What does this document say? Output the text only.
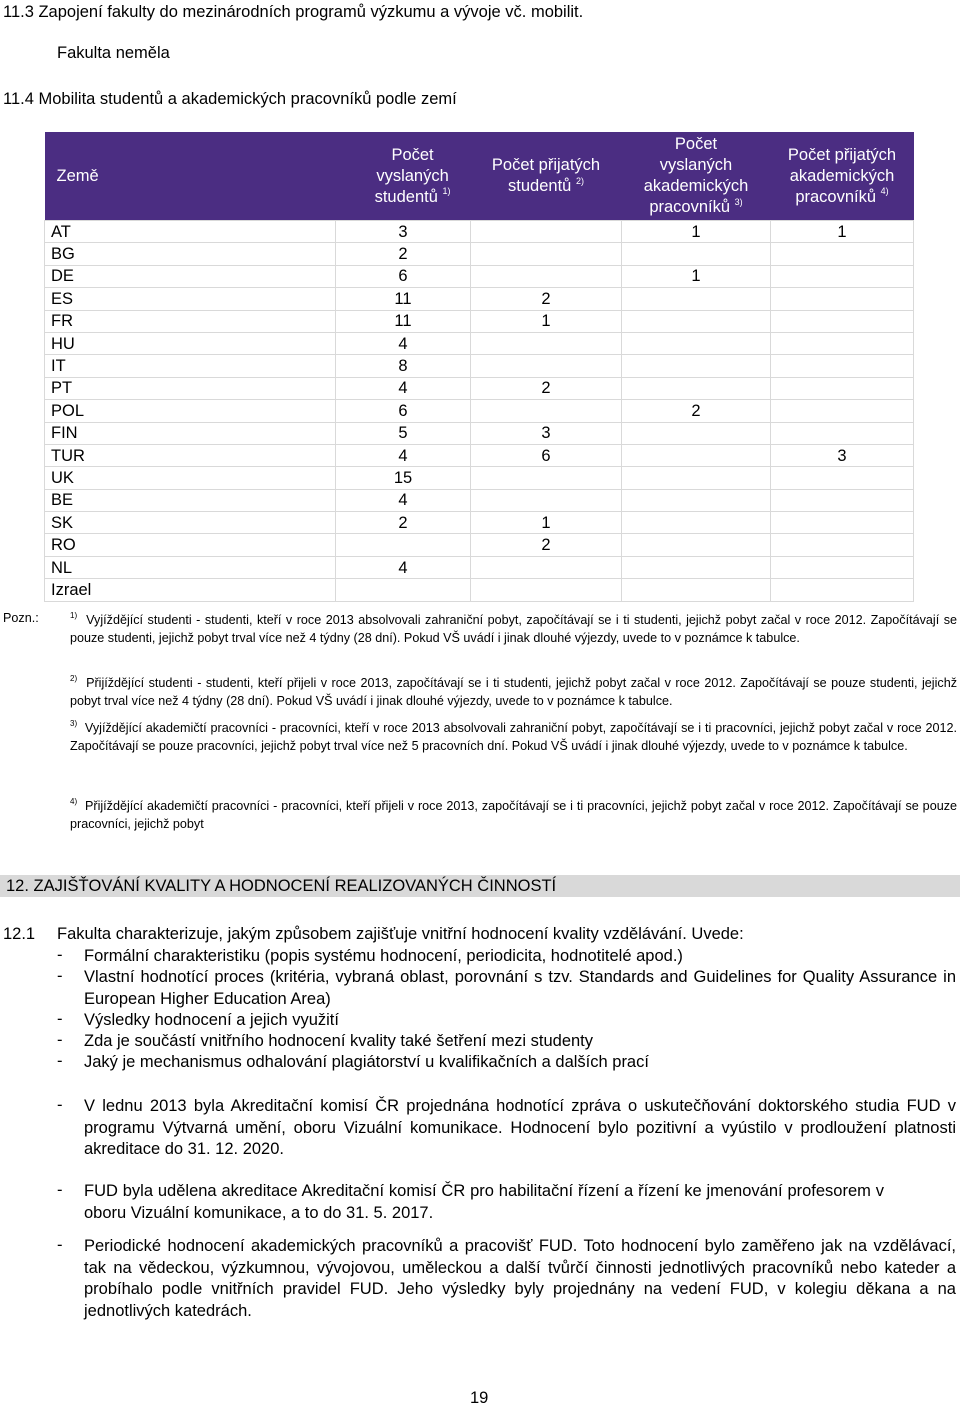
11.3 Zapojení fakulty do mezinárodních programů výzkumu a vývoje vč. mobilit.
Fakulta neměla
11.4 Mobilita studentů a akademických pracovníků podle zemí
Země	Počet
vyslaných
studentů $^{1)}$	Počet přijatých
studentů $^{2)}$	Počet
vyslaných
akademických
pracovníků $^{3)}$	Počet přijatých
akademických
pracovníků $^{4)}$
AT	3		1	1
BG	2			
DE	6		1	
ES	11	2		
FR	11	1		
HU	4			
IT	8			
PT	4	2		
POL	6		2	
FIN	5	3		
TUR	4	6		3
UK	15			
BE	4			
SK	2	1		
RO		2		
NL	4			
Izrael				
Pozn.:	$^{1)}$ Vyjíždějící studenti - studenti, kteří v roce 2013 absolvovali zahraniční pobyt, započítávají se i ti studenti, jejichž pobyt začal v roce 2012. Započítávají se pouze studenti, jejichž pobyt trval více než 4 týdny (28 dní). Pokud VŠ uvádí i jinak dlouhé výjezdy, uvede to v poznámce k tabulce.
$^{2)}$ Přijíždějící studenti - studenti, kteří přijeli v roce 2013, započítávají se i ti studenti, jejichž pobyt začal v roce 2012. Započítávají se pouze studenti, jejichž pobyt trval více než 4 týdny (28 dní). Pokud VŠ uvádí i jinak dlouhé výjezdy, uvede to v poznámce k tabulce.
$^{3)}$ Vyjíždějící akademičtí pracovníci - pracovníci, kteří v roce 2013 absolvovali zahraniční pobyt, započítávají se i ti pracovníci, jejichž pobyt začal v roce 2012. Započítávají se pouze pracovníci, jejichž pobyt trval více než 5 pracovních dní. Pokud VŠ uvádí i jinak dlouhé výjezdy, uvede to v poznámce k tabulce.
$^{4)}$ Přijíždějící akademičtí pracovníci - pracovníci, kteří přijeli v roce 2013, započítávají se i ti pracovníci, jejichž pobyt začal v roce 2012. Započítávají se pouze pracovníci, jejichž pobyt
12. ZAJIŠŤOVÁNÍ KVALITY A HODNOCENÍ REALIZOVANÝCH ČINNOSTÍ
12.1 Fakulta charakterizuje, jakým způsobem zajišťuje vnitřní hodnocení kvality vzdělávání. Uvede:
- Formální charakteristiku (popis systému hodnocení, periodicita, hodnotitelé apod.)
- Vlastní hodnotící proces (kritéria, vybraná oblast, porovnání s tzv. Standards and Guidelines for Quality Assurance in European Higher Education Area)
- Výsledky hodnocení a jejich využití
- Zda je součástí vnitřního hodnocení kvality také šetření mezi studenty
- Jaký je mechanismus odhalování plagiátorství u kvalifikačních a dalších prací
- V lednu 2013 byla Akreditační komisí ČR projednána hodnotící zpráva o uskutečňování doktorského studia FUD v programu Výtvarná umění, oboru Vizuální komunikace. Hodnocení bylo pozitivní a vyústilo v prodloužení platnosti akreditace do 31. 12. 2020.
- FUD byla udělena akreditace Akreditační komisí ČR pro habilitační řízení a řízení ke jmenování profesorem v oboru Vizuální komunikace, a to do 31. 5. 2017.
- Periodické hodnocení akademických pracovníků a pracovišť FUD. Toto hodnocení bylo zaměřeno jak na vzdělávací, tak na vědeckou, výzkumnou, vývojovou, uměleckou a další tvůrčí činnosti jednotlivých pracovníků nebo kateder a probíhalo podle vnitřních pravidel FUD. Jeho výsledky byly projednány na vedení FUD, v kolegiu děkana a na jednotlivých katedrách.
19
